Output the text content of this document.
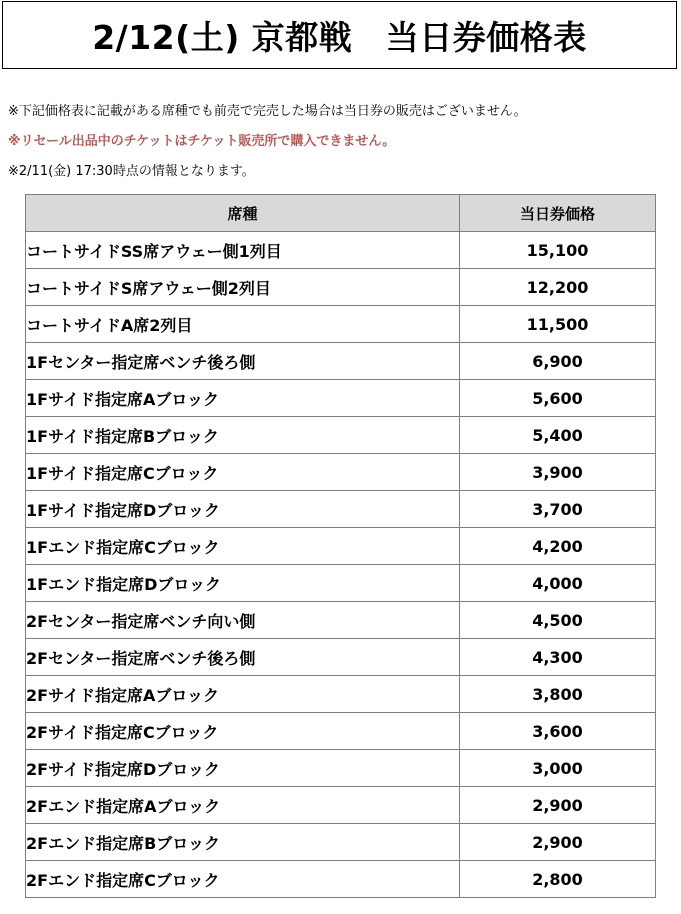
2/12(土) 京都戦　当日券価格表
※下記価格表に記載がある席種でも前売で完売した場合は当日券の販売はございません。
※リセール出品中のチケットはチケット販売所で購入できません。
※2/11(金) 17:30時点の情報となります。
席種	当日券価格
コートサイドSS席アウェー側1列目	15,100
コートサイドS席アウェー側2列目	12,200
コートサイドA席2列目	11,500
1Fセンター指定席ベンチ後ろ側	6,900
1Fサイド指定席Aブロック	5,600
1Fサイド指定席Bブロック	5,400
1Fサイド指定席Cブロック	3,900
1Fサイド指定席Dブロック	3,700
1Fエンド指定席Cブロック	4,200
1Fエンド指定席Dブロック	4,000
2Fセンター指定席ベンチ向い側	4,500
2Fセンター指定席ベンチ後ろ側	4,300
2Fサイド指定席Aブロック	3,800
2Fサイド指定席Cブロック	3,600
2Fサイド指定席Dブロック	3,000
2Fエンド指定席Aブロック	2,900
2Fエンド指定席Bブロック	2,900
2Fエンド指定席Cブロック	2,800
